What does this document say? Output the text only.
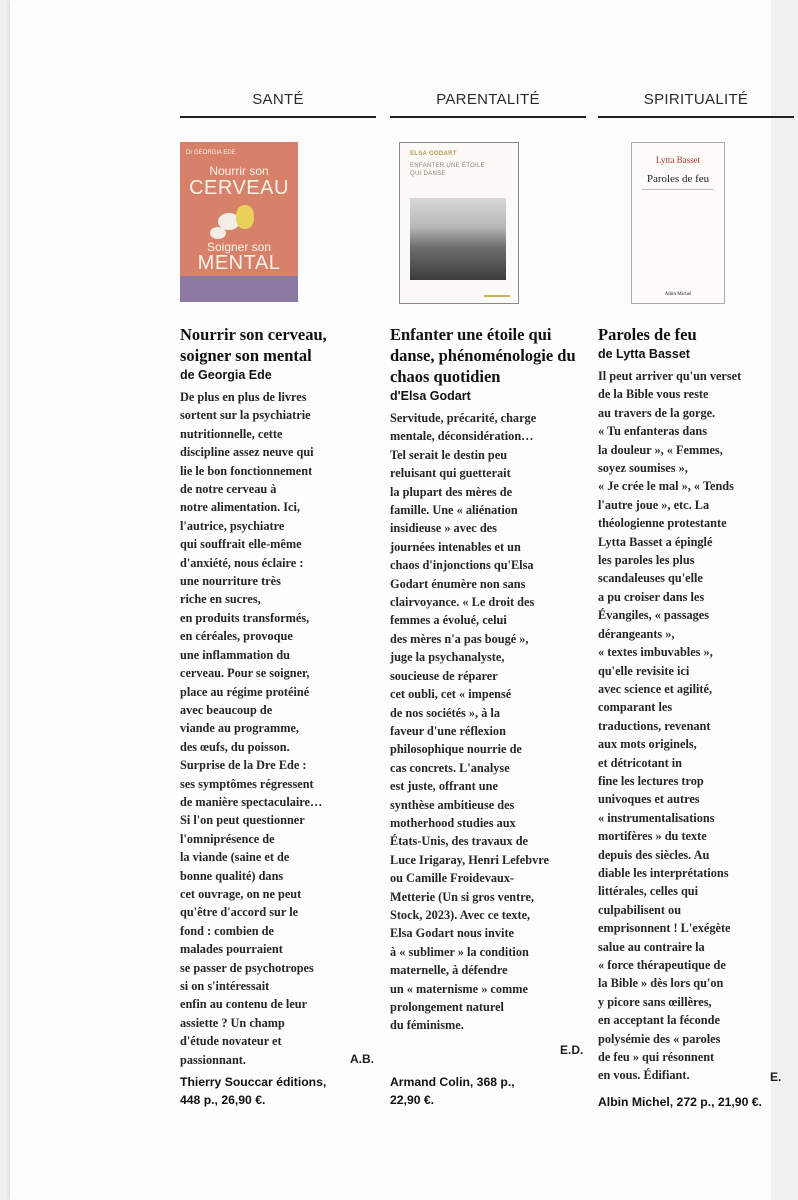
SANTÉ
Dr GEORGIA EDE
Nourrir son
CERVEAU
Soigner son
MENTAL
Nourrir son cerveau, soigner son mental
de Georgia Ede
De plus en plus de livres
sortent sur la psychiatrie
nutritionnelle, cette
discipline assez neuve qui
lie le bon fonctionnement
de notre cerveau à
notre alimentation. Ici,
l'autrice, psychiatre
qui souffrait elle-même
d'anxiété, nous éclaire :
une nourriture très
riche en sucres,
en produits transformés,
en céréales, provoque
une inflammation du
cerveau. Pour se soigner,
place au régime protéiné
avec beaucoup de
viande au programme,
des œufs, du poisson.
Surprise de la Dre Ede :
ses symptômes régressent
de manière spectaculaire…
Si l'on peut questionner
l'omniprésence de
la viande (saine et de
bonne qualité) dans
cet ouvrage, on ne peut
qu'être d'accord sur le
fond : combien de
malades pourraient
se passer de psychotropes
si on s'intéressait
enfin au contenu de leur
assiette ? Un champ
d'étude novateur et
passionnant.	A.B.
Thierry Souccar éditions,
448 p., 26,90 €.
PARENTALITÉ
ELSA GODART
ENFANTER UNE ÉTOILE
QUI DANSE
Enfanter une étoile qui danse, phénoménologie du chaos quotidien
d'Elsa Godart
Servitude, précarité, charge
mentale, déconsidération…
Tel serait le destin peu
reluisant qui guetterait
la plupart des mères de
famille. Une « aliénation
insidieuse » avec des
journées intenables et un
chaos d'injonctions qu'Elsa
Godart énumère non sans
clairvoyance. « Le droit des
femmes a évolué, celui
des mères n'a pas bougé »,
juge la psychanalyste,
soucieuse de réparer
cet oubli, cet « impensé
de nos sociétés », à la
faveur d'une réflexion
philosophique nourrie de
cas concrets. L'analyse
est juste, offrant une
synthèse ambitieuse des
motherhood studies aux
États-Unis, des travaux de
Luce Irigaray, Henri Lefebvre
ou Camille Froidevaux-
Metterie (Un si gros ventre,
Stock, 2023). Avec ce texte,
Elsa Godart nous invite
à « sublimer » la condition
maternelle, à défendre
un « maternisme » comme
prolongement naturel
du féminisme.
E.D.
Armand Colin, 368 p.,
22,90 €.
SPIRITUALITÉ
Lytta Basset
Paroles de feu
Albin Michel
Paroles de feu
de Lytta Basset
Il peut arriver qu'un verset
de la Bible vous reste
au travers de la gorge.
« Tu enfanteras dans
la douleur », « Femmes,
soyez soumises »,
« Je crée le mal », « Tends
l'autre joue », etc. La
théologienne protestante
Lytta Basset a épinglé
les paroles les plus
scandaleuses qu'elle
a pu croiser dans les
Évangiles, « passages
dérangeants »,
« textes imbuvables »,
qu'elle revisite ici
avec science et agilité,
comparant les
traductions, revenant
aux mots originels,
et détricotant in
fine les lectures trop
univoques et autres
« instrumentalisations
mortifères » du texte
depuis des siècles. Au
diable les interprétations
littérales, celles qui
culpabilisent ou
emprisonnent ! L'exégète
salue au contraire la
« force thérapeutique de
la Bible » dès lors qu'on
y picore sans œillères,
en acceptant la féconde
polysémie des « paroles
de feu » qui résonnent
en vous. Édifiant.	E.
Albin Michel, 272 p., 21,90 €.
